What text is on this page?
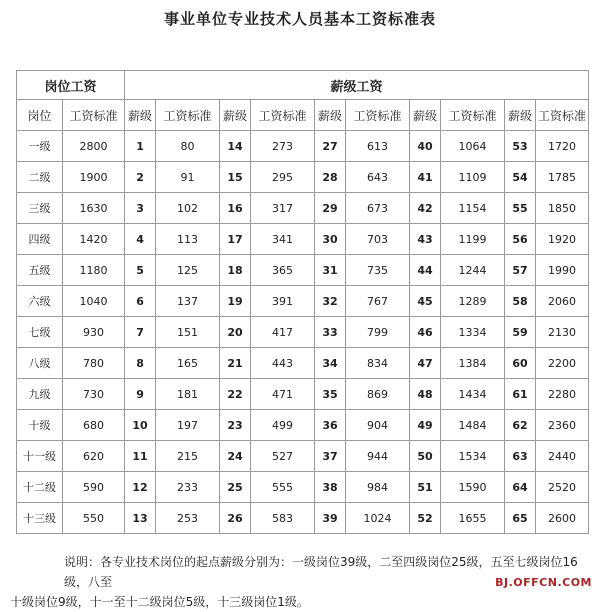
事业单位专业技术人员基本工资标准表
岗位工资		薪级工资									
岗位	工资标准	薪级	工资标准	薪级	工资标准	薪级	工资标准	薪级	工资标准	薪级	工资标准
一级	2800	1	80	14	273	27	613	40	1064	53	1720
二级	1900	2	91	15	295	28	643	41	1109	54	1785
三级	1630	3	102	16	317	29	673	42	1154	55	1850
四级	1420	4	113	17	341	30	703	43	1199	56	1920
五级	1180	5	125	18	365	31	735	44	1244	57	1990
六级	1040	6	137	19	391	32	767	45	1289	58	2060
七级	930	7	151	20	417	33	799	46	1334	59	2130
八级	780	8	165	21	443	34	834	47	1384	60	2200
九级	730	9	181	22	471	35	869	48	1434	61	2280
十级	680	10	197	23	499	36	904	49	1484	62	2360
十一级	620	11	215	24	527	37	944	50	1534	63	2440
十二级	590	12	233	25	555	38	984	51	1590	64	2520
十三级	550	13	253	26	583	39	1024	52	1655	65	2600
说明：各专业技术岗位的起点薪级分别为：一级岗位39级，二至四级岗位25级，五至七级岗位16级，八至
十级岗位9级，十一至十二级岗位5级，十三级岗位1级。
BJ.OFFCN.COM
